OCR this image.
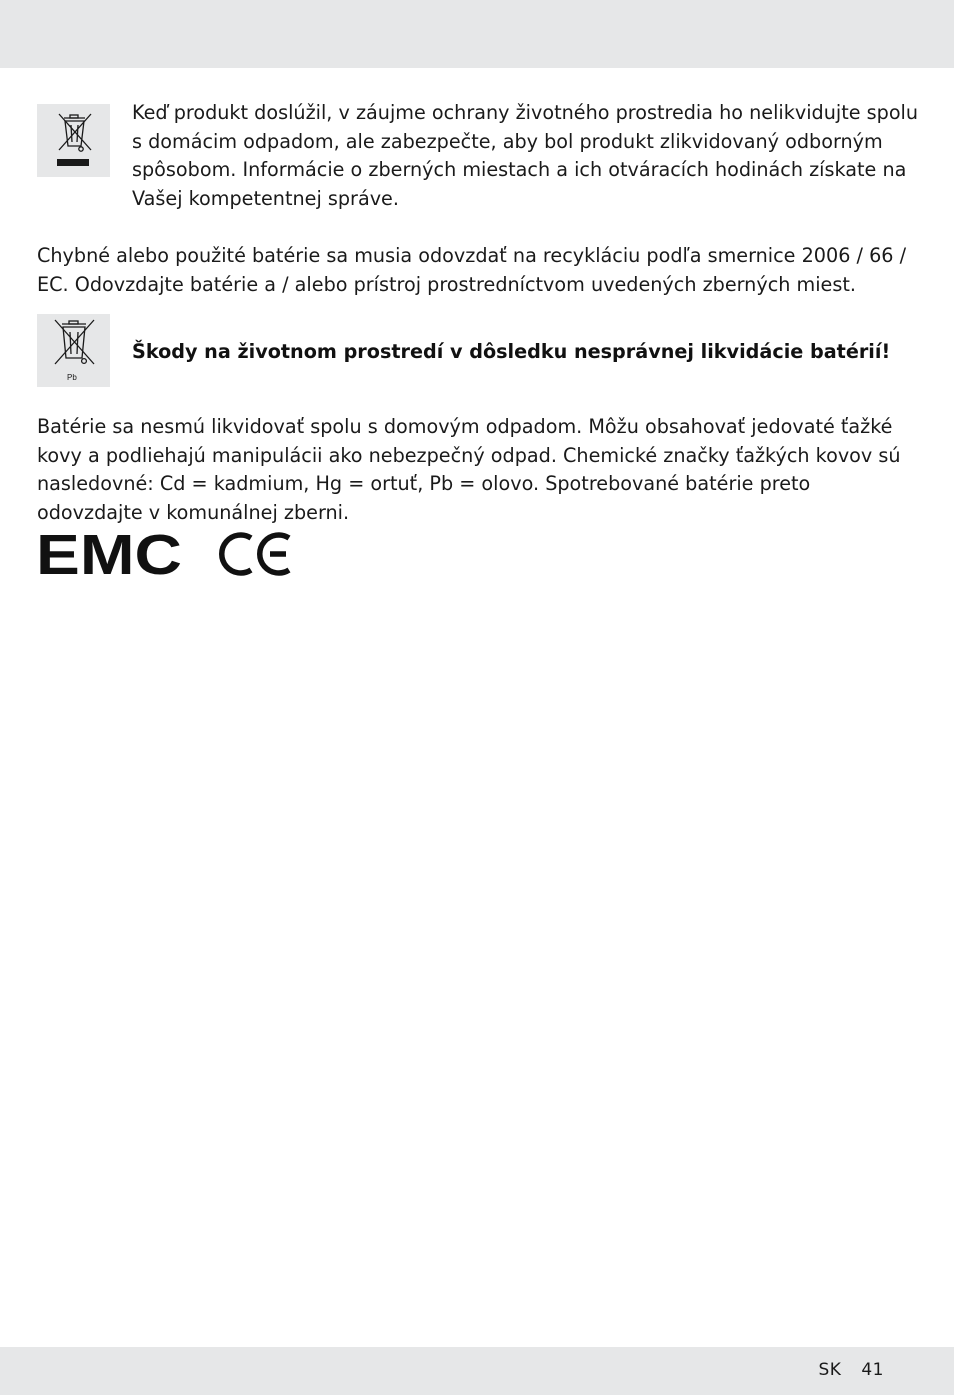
Keď produkt doslúžil, v záujme ochrany životného prostredia ho nelikvidujte spolu s domácim odpadom, ale zabezpečte, aby bol produkt zlikvidovaný odborným spôsobom. Informácie o zberných miestach a ich otváracích hodinách získate na Vašej kompetentnej správe.

Chybné alebo použité batérie sa musia odovzdať na recykláciu podľa smernice 2006 / 66 / EC. Odovzdajte batérie a / alebo prístroj prostredníctvom uvedených zberných miest.

Pb
Škody na životnom prostredí v dôsledku nesprávnej likvidácie batérií!

Batérie sa nesmú likvidovať spolu s domovým odpadom. Môžu obsahovať jedovaté ťažké kovy a podliehajú manipulácii ako nebezpečný odpad. Chemické značky ťažkých kovov sú nasledovné: Cd = kadmium, Hg = ortuť, Pb = olovo. Spotrebované batérie preto odovzdajte v komunálnej zberni.

EMC
SK 41
